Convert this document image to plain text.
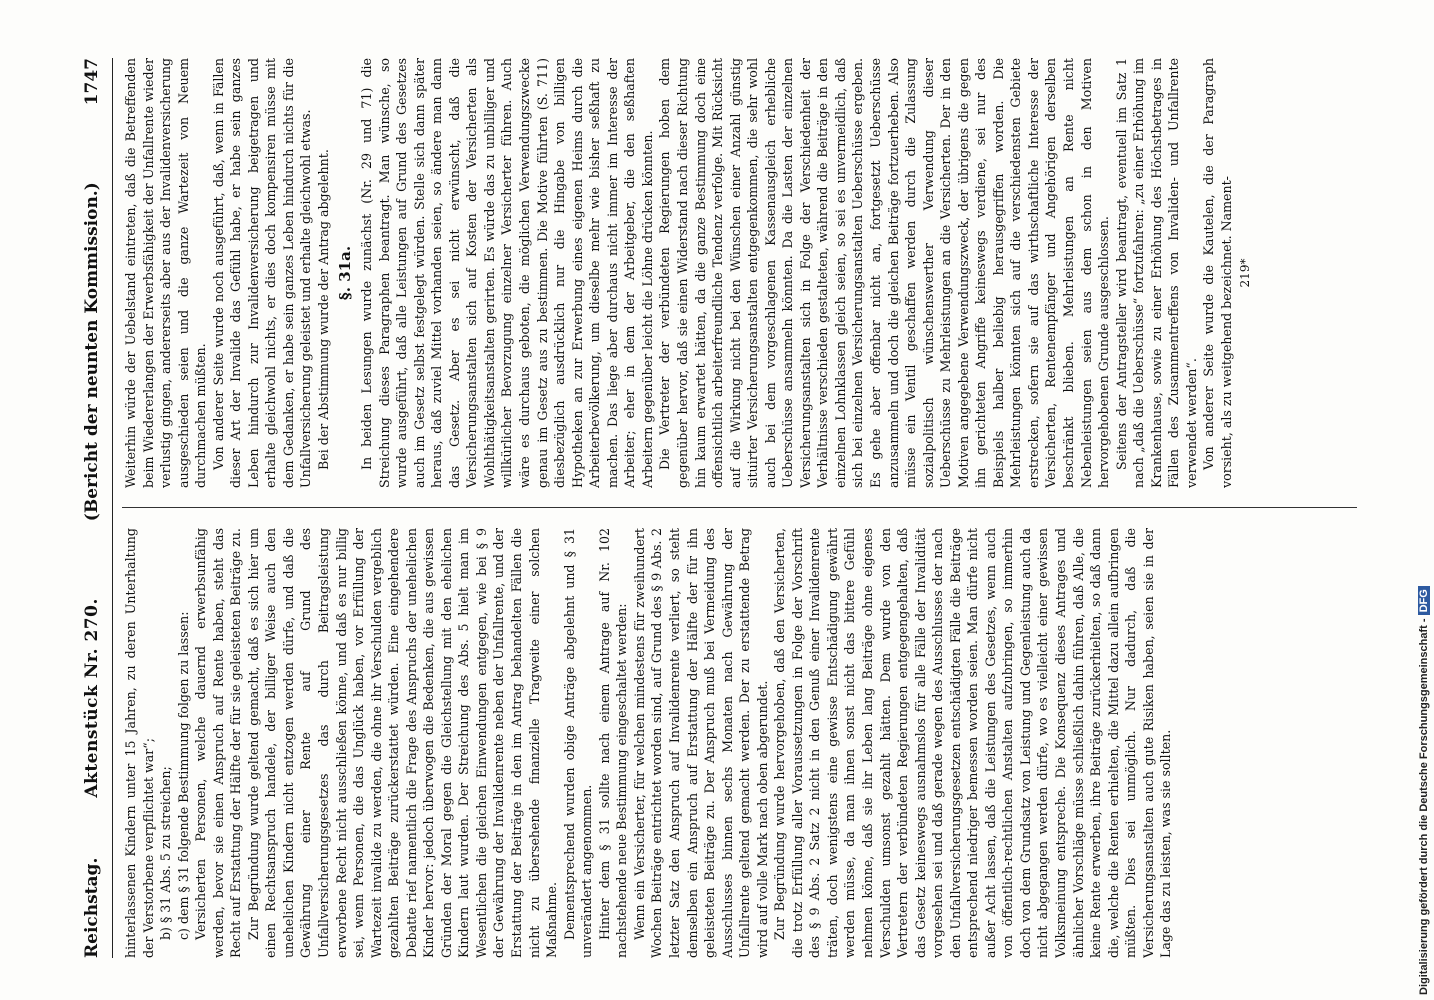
Reichstag.
Aktenstück Nr. 270.
(Bericht der neunten Kommission.)
1747

hinterlassenen Kindern unter 15 Jahren, zu deren Unterhaltung der Verstorbene verpflichtet war“; b) § 31 Abs. 5 zu streichen; c) dem § 31 folgende Bestimmung folgen zu lassen: Versicherten Personen, welche dauernd erwerbsunfähig werden, bevor sie einen Anspruch auf Rente haben, steht das Recht auf Erstattung der Hälfte der für sie geleisteten Beiträge zu. Zur Begründung wurde geltend gemacht, daß es sich hier um einen Rechtsanspruch handele, der billiger Weise auch den unehelichen Kindern nicht entzogen werden dürfe, und daß die Gewährung einer Rente auf Grund des Unfallversicherungsgesetzes das durch Beitragsleistung erworbene Recht nicht ausschließen könne, und daß es nur billig sei, wenn Personen, die das Unglück haben, vor Erfüllung der Wartezeit invalide zu werden, die ohne ihr Verschulden vergeblich gezahlten Beiträge zurückerstattet würden. Eine eingehendere Debatte rief namentlich die Frage des Anspruchs der unehelichen Kinder hervor: jedoch überwogen die Bedenken, die aus gewissen Gründen der Moral gegen die Gleichstellung mit den ehelichen Kindern laut wurden. Der Streichung des Abs. 5 hielt man im Wesentlichen die gleichen Einwendungen entgegen, wie bei § 9 der Gewährung der Invalidenrente neben der Unfallrente, und der Erstattung der Beiträge in den im Antrag behandelten Fällen die nicht zu übersehende finanzielle Tragweite einer solchen Maßnahme. Dementsprechend wurden obige Anträge abgelehnt und § 31 unverändert angenommen. Hinter dem § 31 sollte nach einem Antrage auf Nr. 102 nachstehende neue Bestimmung eingeschaltet werden: Wenn ein Versicherter, für welchen mindestens für zweihundert Wochen Beiträge entrichtet worden sind, auf Grund des § 9 Abs. 2 letzter Satz den Anspruch auf Invalidenrente verliert, so steht demselben ein Anspruch auf Erstattung der Hälfte der für ihn geleisteten Beiträge zu. Der Anspruch muß bei Vermeidung des Ausschlusses binnen sechs Monaten nach Gewährung der Unfallrente geltend gemacht werden. Der zu erstattende Betrag wird auf volle Mark nach oben abgerundet. Zur Begründung wurde hervorgehoben, daß den Versicherten, die trotz Erfüllung aller Voraussetzungen in Folge der Vorschrift des § 9 Abs. 2 Satz 2 nicht in den Genuß einer Invalidenrente träten, doch wenigstens eine gewisse Entschädigung gewährt werden müsse, da man ihnen sonst nicht das bittere Gefühl nehmen könne, daß sie ihr Leben lang Beiträge ohne eigenes Verschulden umsonst gezahlt hätten. Dem wurde von den Vertretern der verbündeten Regierungen entgegengehalten, daß das Gesetz keineswegs ausnahmslos für alle Fälle der Invalidität vorgesehen sei und daß gerade wegen des Ausschlusses der nach den Unfallversicherungsgesetzen entschädigten Fälle die Beiträge entsprechend niedriger bemessen worden seien. Man dürfe nicht außer Acht lassen, daß die Leistungen des Gesetzes, wenn auch von öffentlich-rechtlichen Anstalten aufzubringen, so immerhin doch von dem Grundsatz von Leistung und Gegenleistung auch da nicht abgegangen werden dürfe, wo es vielleicht einer gewissen Volksmeinung entspreche. Die Konsequenz dieses Antrages und ähnlicher Vorschläge müsse schließlich dahin führen, daß Alle, die keine Rente erwerben, ihre Beiträge zurückerhielten, so daß dann die, welche die Renten erhielten, die Mittel dazu allein aufbringen müßten. Dies sei unmöglich. Nur dadurch, daß die Versicherungsanstalten auch gute Risiken haben, seien sie in der Lage das zu leisten, was sie sollten.

Weiterhin würde der Uebelstand eintreten, daß die Betreffenden beim Wiedererlangen der Erwerbsfähigkeit der Unfallrente wieder verlustig gingen, andererseits aber aus der Invalidenversicherung ausgeschieden seien und die ganze Wartezeit von Neuem durchmachen müßten. Von anderer Seite wurde noch ausgeführt, daß, wenn in Fällen dieser Art der Invalide das Gefühl habe, er habe sein ganzes Leben hindurch zur Invalidenversicherung beigetragen und erhalte gleichwohl nichts, er dies doch kompensiren müsse mit dem Gedanken, er habe sein ganzes Leben hindurch nichts für die Unfallversicherung geleistet und erhalte gleichwohl etwas. Bei der Abstimmung wurde der Antrag abgelehnt. §. 31a. In beiden Lesungen wurde zunächst (Nr. 29 und 71) die Streichung dieses Paragraphen beantragt. Man wünsche, so wurde ausgeführt, daß alle Leistungen auf Grund des Gesetzes auch im Gesetz selbst festgelegt würden. Stelle sich dann später heraus, daß zuviel Mittel vorhanden seien, so ändere man dann das Gesetz. Aber es sei nicht erwünscht, daß die Versicherungsanstalten sich auf Kosten der Versicherten als Wohlthätigkeitsanstalten gerirten. Es würde das zu unbilliger und willkürlicher Bevorzugung einzelner Versicherter führen. Auch wäre es durchaus geboten, die möglichen Verwendungszwecke genau im Gesetz aus zu bestimmen. Die Motive führten (S. 711) diesbezüglich ausdrücklich nur die Hingabe von billigen Hypotheken an zur Erwerbung eines eigenen Heims durch die Arbeiterbevölkerung, um dieselbe mehr wie bisher seßhaft zu machen. Das liege aber durchaus nicht immer im Interesse der Arbeiter; eher in dem der Arbeitgeber, die den seßhaften Arbeitern gegenüber leicht die Löhne drücken könnten. Die Vertreter der verbündeten Regierungen hoben dem gegenüber hervor, daß sie einen Widerstand nach dieser Richtung hin kaum erwartet hätten, da die ganze Bestimmung doch eine offensichtlich arbeiterfreundliche Tendenz verfolge. Mit Rücksicht auf die Wirkung nicht bei den Wünschen einer Anzahl günstig situirter Versicherungsanstalten entgegenkommen, die sehr wohl auch bei dem vorgeschlagenen Kassenausgleich erhebliche Ueberschüsse ansammeln könnten. Da die Lasten der einzelnen Versicherungsanstalten sich in Folge der Verschiedenheit der Verhältnisse verschieden gestalteten, während die Beiträge in den einzelnen Lohnklassen gleich seien, so sei es unvermeidlich, daß sich bei einzelnen Versicherungsanstalten Ueberschüsse ergeben. Es gehe aber offenbar nicht an, fortgesetzt Ueberschüsse anzusammeln und doch die gleichen Beiträge fortzuerheben. Also müsse ein Ventil geschaffen werden durch die Zulassung sozialpolitisch wünschenswerther Verwendung dieser Ueberschüsse zu Mehrleistungen an die Versicherten. Der in den Motiven angegebene Verwendungszweck, der übrigens die gegen ihn gerichteten Angriffe keineswegs verdiene, sei nur des Beispiels halber beliebig herausgegriffen worden. Die Mehrleistungen könnten sich auf die verschiedensten Gebiete erstrecken, sofern sie auf das wirthschaftliche Interesse der Versicherten, Rentenempfänger und Angehörigen derselben beschränkt blieben. Mehrleistungen an Rente nicht Nebenleistungen seien aus dem schon in den Motiven hervorgehobenen Grunde ausgeschlossen. Seitens der Antragsteller wird beantragt, eventuell im Satz 1 nach „daß die Ueberschüsse“ fortzufahren: „zu einer Erhöhung im Krankenhause, sowie zu einer Erhöhung des Höchstbetrages in Fällen des Zusammentreffens von Invaliden- und Unfallrente verwendet werden“. Von anderer Seite wurde die Kautelen, die der Paragraph vorsieht, als zu weitgehend bezeichnet. Nament- 219*

Digitalisierung gefördert durch die Deutsche Forschungsgemeinschaft - DFG
